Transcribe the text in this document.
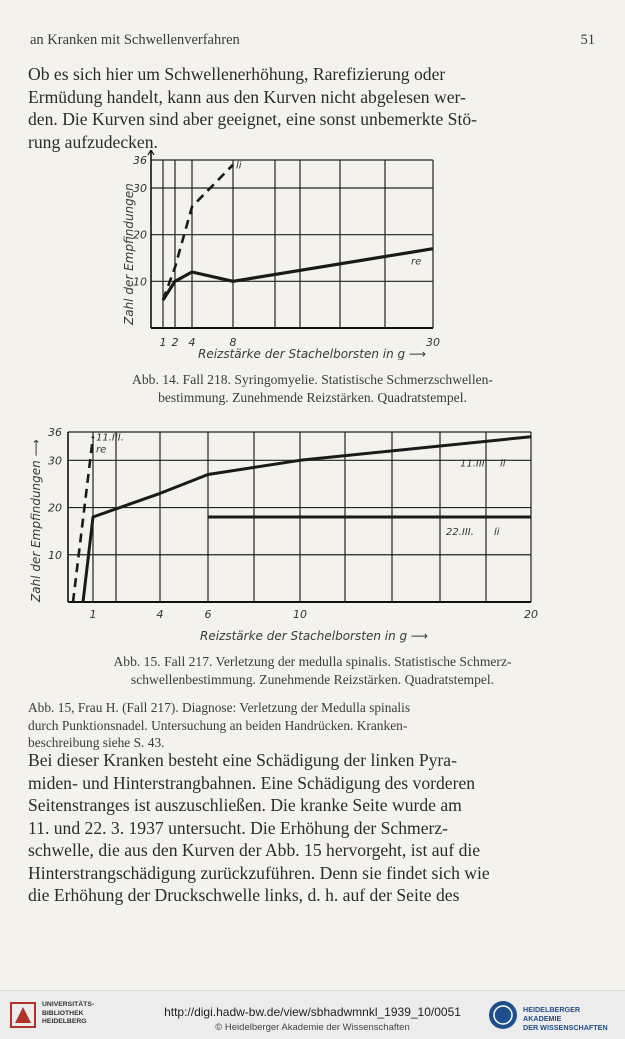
an Kranken mit Schwellenverfahren	51
Ob es sich hier um Schwellenerhöhung, Rarefizierung oder
Ermüdung handelt, kann aus den Kurven nicht abgelesen wer-
den. Die Kurven sind aber geeignet, eine sonst unbemerkte Stö-
rung aufzudecken.
Zahl der Empfindungen
Reizstärke der Stachelborsten in g ⟶
10
20
30
36
1 2 4	8	30
li
re
Abb. 14. Fall 218. Syringomyelie. Statistische Schmerzschwellen-
bestimmung. Zunehmende Reizstärken. Quadratstempel.
Zahl der Empfindungen ⟶
Reizstärke der Stachelborsten in g ⟶
10
20
30
36
1	4	6	10	20
11.III.
re
11.III. li
22.III. li
Abb. 15. Fall 217. Verletzung der medulla spinalis. Statistische Schmerz-
schwellenbestimmung. Zunehmende Reizstärken. Quadratstempel.
Abb. 15, Frau H. (Fall 217). Diagnose: Verletzung der Medulla spinalis
durch Punktionsnadel. Untersuchung an beiden Handrücken. Kranken-
beschreibung siehe S. 43.
Bei dieser Kranken besteht eine Schädigung der linken Pyra-
miden- und Hinterstrangbahnen. Eine Schädigung des vorderen
Seitenstranges ist auszuschließen. Die kranke Seite wurde am
11. und 22. 3. 1937 untersucht. Die Erhöhung der Schmerz-
schwelle, die aus den Kurven der Abb. 15 hervorgeht, ist auf die
Hinterstrangschädigung zurückzuführen. Denn sie findet sich wie
die Erhöhung der Druckschwelle links, d. h. auf der Seite des
UNIVERSITÄTS-
BIBLIOTHEK
HEIDELBERG
http://digi.hadw-bw.de/view/sbhadwmnkl_1939_10/0051
© Heidelberger Akademie der Wissenschaften
HEIDELBERGER AKADEMIE
DER WISSENSCHAFTEN
